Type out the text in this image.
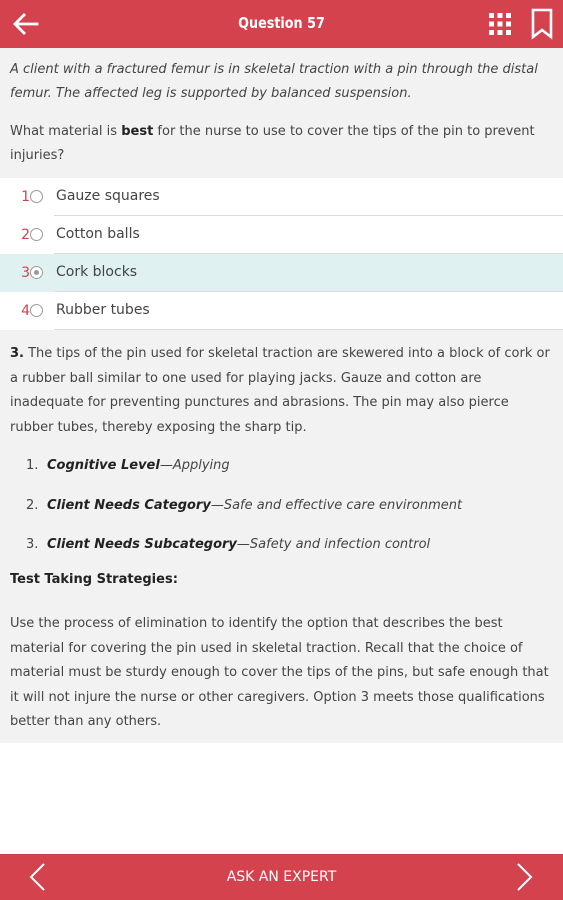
Question 57
A client with a fractured femur is in skeletal traction with a pin through the distal femur. The affected leg is supported by balanced suspension.
What material is best for the nurse to use to cover the tips of the pin to prevent injuries?
1 Gauze squares
2 Cotton balls
3 Cork blocks
4 Rubber tubes
3. The tips of the pin used for skeletal traction are skewered into a block of cork or a rubber ball similar to one used for playing jacks. Gauze and cotton are inadequate for preventing punctures and abrasions. The pin may also pierce rubber tubes, thereby exposing the sharp tip.
1. Cognitive Level—Applying
2. Client Needs Category—Safe and effective care environment
3. Client Needs Subcategory—Safety and infection control
Test Taking Strategies:
Use the process of elimination to identify the option that describes the best material for covering the pin used in skeletal traction. Recall that the choice of material must be sturdy enough to cover the tips of the pins, but safe enough that it will not injure the nurse or other caregivers. Option 3 meets those qualifications better than any others.
ASK AN EXPERT
